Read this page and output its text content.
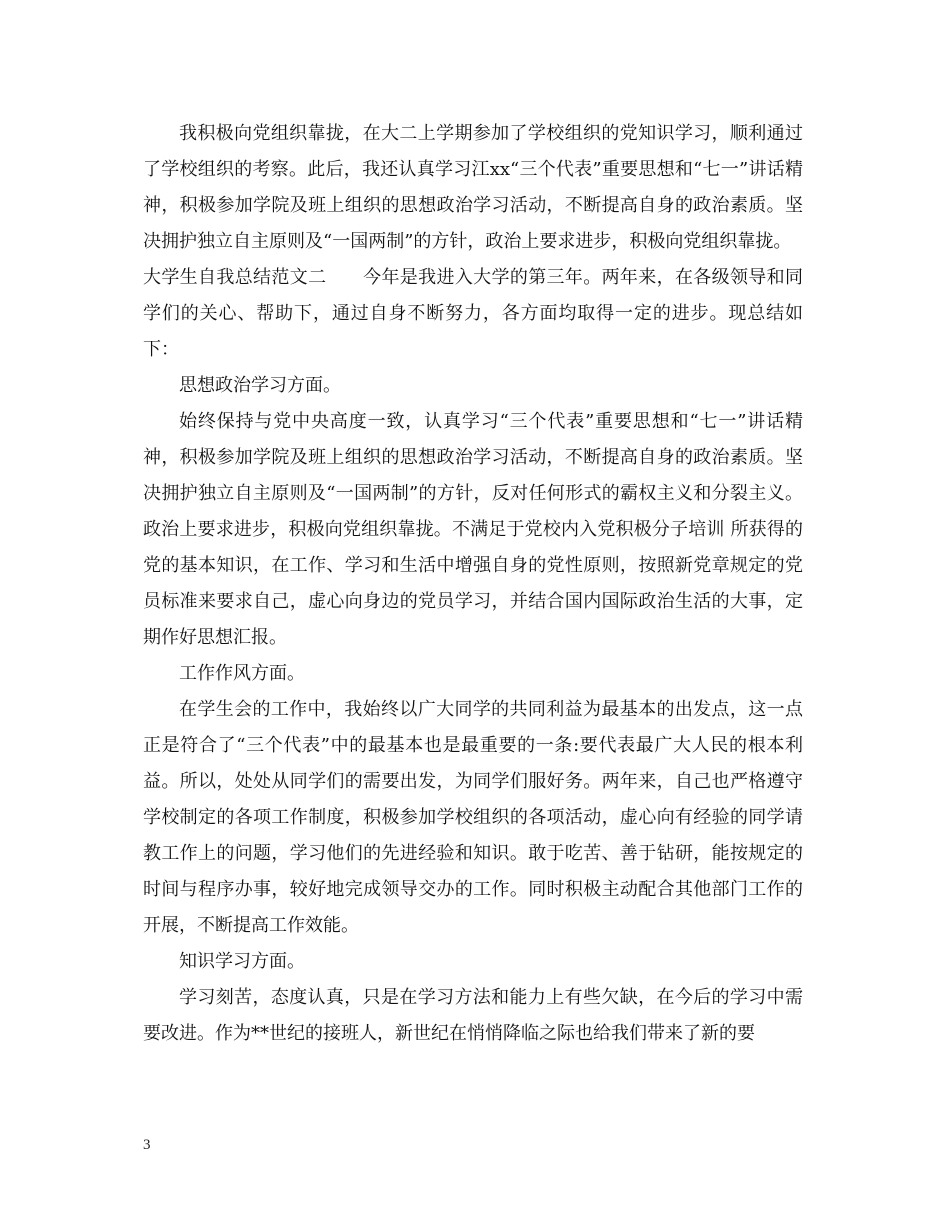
我积极向党组织靠拢，在大二上学期参加了学校组织的党知识学习，顺利通过了学校组织的考察。此后，我还认真学习江xx“三个代表”重要思想和“七一”讲话精神，积极参加学院及班上组织的思想政治学习活动，不断提高自身的政治素质。坚决拥护独立自主原则及“一国两制”的方针，政治上要求进步，积极向党组织靠拢。

大学生自我总结范文二　　今年是我进入大学的第三年。两年来，在各级领导和同学们的关心、帮助下，通过自身不断努力，各方面均取得一定的进步。现总结如下：

思想政治学习方面。

始终保持与党中央高度一致，认真学习“三个代表”重要思想和“七一”讲话精神，积极参加学院及班上组织的思想政治学习活动，不断提高自身的政治素质。坚决拥护独立自主原则及“一国两制”的方针，反对任何形式的霸权主义和分裂主义。政治上要求进步，积极向党组织靠拢。不满足于党校内入党积极分子培训 所获得的党的基本知识，在工作、学习和生活中增强自身的党性原则，按照新党章规定的党员标准来要求自己，虚心向身边的党员学习，并结合国内国际政治生活的大事，定期作好思想汇报。

工作作风方面。

在学生会的工作中，我始终以广大同学的共同利益为最基本的出发点，这一点正是符合了“三个代表”中的最基本也是最重要的一条:要代表最广大人民的根本利益。所以，处处从同学们的需要出发，为同学们服好务。两年来，自己也严格遵守学校制定的各项工作制度，积极参加学校组织的各项活动，虚心向有经验的同学请教工作上的问题，学习他们的先进经验和知识。敢于吃苦、善于钻研，能按规定的时间与程序办事，较好地完成领导交办的工作。同时积极主动配合其他部门工作的开展，不断提高工作效能。

知识学习方面。

学习刻苦，态度认真，只是在学习方法和能力上有些欠缺，在今后的学习中需要改进。作为**世纪的接班人，新世纪在悄悄降临之际也给我们带来了新的要

3
